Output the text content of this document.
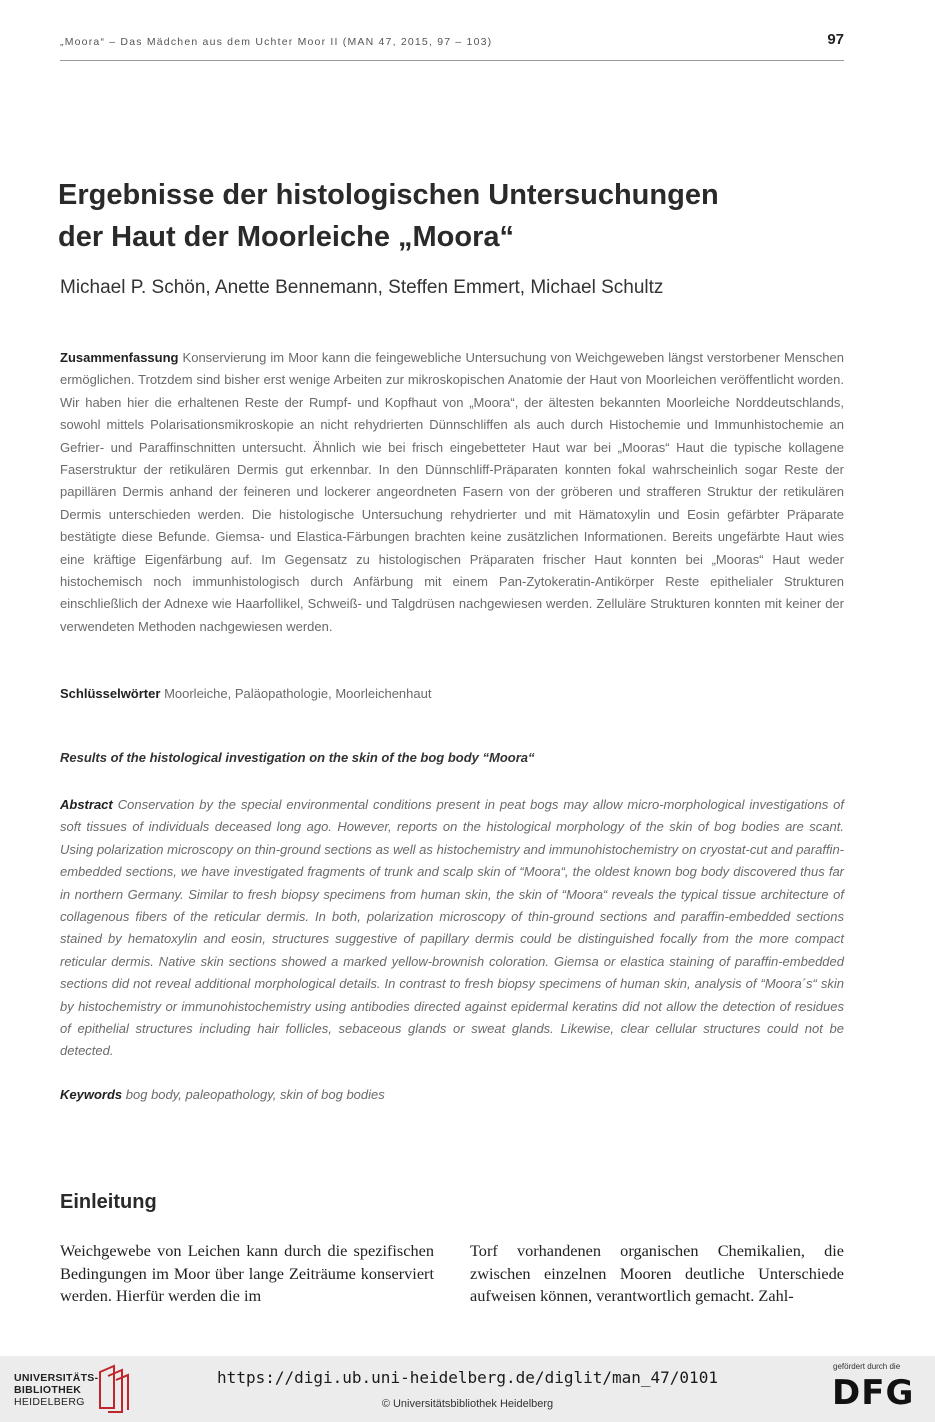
„Moora“ – Das Mädchen aus dem Uchter Moor II (MAN 47, 2015, 97 – 103)	97
Ergebnisse der histologischen Untersuchungen
der Haut der Moorleiche „Moora“
Michael P. Schön, Anette Bennemann, Steffen Emmert, Michael Schultz

Zusammenfassung Konservierung im Moor kann die feingewebliche Untersuchung von Weichgeweben längst verstorbener Menschen ermöglichen. Trotzdem sind bisher erst wenige Arbeiten zur mikroskopischen Anatomie der Haut von Moorleichen veröffentlicht worden. Wir haben hier die erhaltenen Reste der Rumpf- und Kopfhaut von „Moora“, der ältesten bekannten Moorleiche Norddeutschlands, sowohl mittels Polarisationsmikroskopie an nicht rehydrierten Dünnschliffen als auch durch Histochemie und Immunhistochemie an Gefrier- und Paraffinschnitten untersucht. Ähnlich wie bei frisch eingebetteter Haut war bei „Mooras“ Haut die typische kollagene Faserstruktur der retikulären Dermis gut erkennbar. In den Dünnschliff-Präparaten konnten fokal wahrscheinlich sogar Reste der papillären Dermis anhand der feineren und lockerer angeordneten Fasern von der gröberen und strafferen Struktur der retikulären Dermis unterschieden werden. Die histologische Untersuchung rehydrierter und mit Hämatoxylin und Eosin gefärbter Präparate bestätigte diese Befunde. Giemsa- und Elastica-Färbungen brachten keine zusätzlichen Informationen. Bereits ungefärbte Haut wies eine kräftige Eigenfärbung auf. Im Gegensatz zu histologischen Präparaten frischer Haut konnten bei „Mooras“ Haut weder histochemisch noch immunhistologisch durch Anfärbung mit einem Pan-Zytokeratin-Antikörper Reste epithelialer Strukturen einschließlich der Adnexe wie Haarfollikel, Schweiß- und Talgdrüsen nachgewiesen werden. Zelluläre Strukturen konnten mit keiner der verwendeten Methoden nachgewiesen werden.

Schlüsselwörter Moorleiche, Paläopathologie, Moorleichenhaut

Results of the histological investigation on the skin of the bog body “Moora“

Abstract Conservation by the special environmental conditions present in peat bogs may allow micro-morphological investigations of soft tissues of individuals deceased long ago. However, reports on the histological morphology of the skin of bog bodies are scant. Using polarization microscopy on thin-ground sections as well as histochemistry and immunohistochemistry on cryostat-cut and paraffin-embedded sections, we have investigated fragments of trunk and scalp skin of “Moora“, the oldest known bog body discovered thus far in northern Germany. Similar to fresh biopsy specimens from human skin, the skin of “Moora“ reveals the typical tissue architecture of collagenous fibers of the reticular dermis. In both, polarization microscopy of thin-ground sections and paraffin-embedded sections stained by hematoxylin and eosin, structures suggestive of papillary dermis could be distinguished focally from the more compact reticular dermis. Native skin sections showed a marked yellow-brownish coloration. Giemsa or elastica staining of paraffin-embedded sections did not reveal additional morphological details. In contrast to fresh biopsy specimens of human skin, analysis of “Moora´s“ skin by histochemistry or immunohistochemistry using antibodies directed against epidermal keratins did not allow the detection of residues of epithelial structures including hair follicles, sebaceous glands or sweat glands. Likewise, clear cellular structures could not be detected.

Keywords bog body, paleopathology, skin of bog bodies

Einleitung

Weichgewebe von Leichen kann durch die spezifischen Bedingungen im Moor über lange Zeiträume konserviert werden. Hierfür werden die im

Torf vorhandenen organischen Chemikalien, die zwischen einzelnen Mooren deutliche Unterschiede aufweisen können, verantwortlich gemacht. Zahl-

UNIVERSITÄTS-
BIBLIOTHEK
HEIDELBERG
https://digi.ub.uni-heidelberg.de/diglit/man_47/0101
© Universitätsbibliothek Heidelberg
gefördert durch die
DFG
